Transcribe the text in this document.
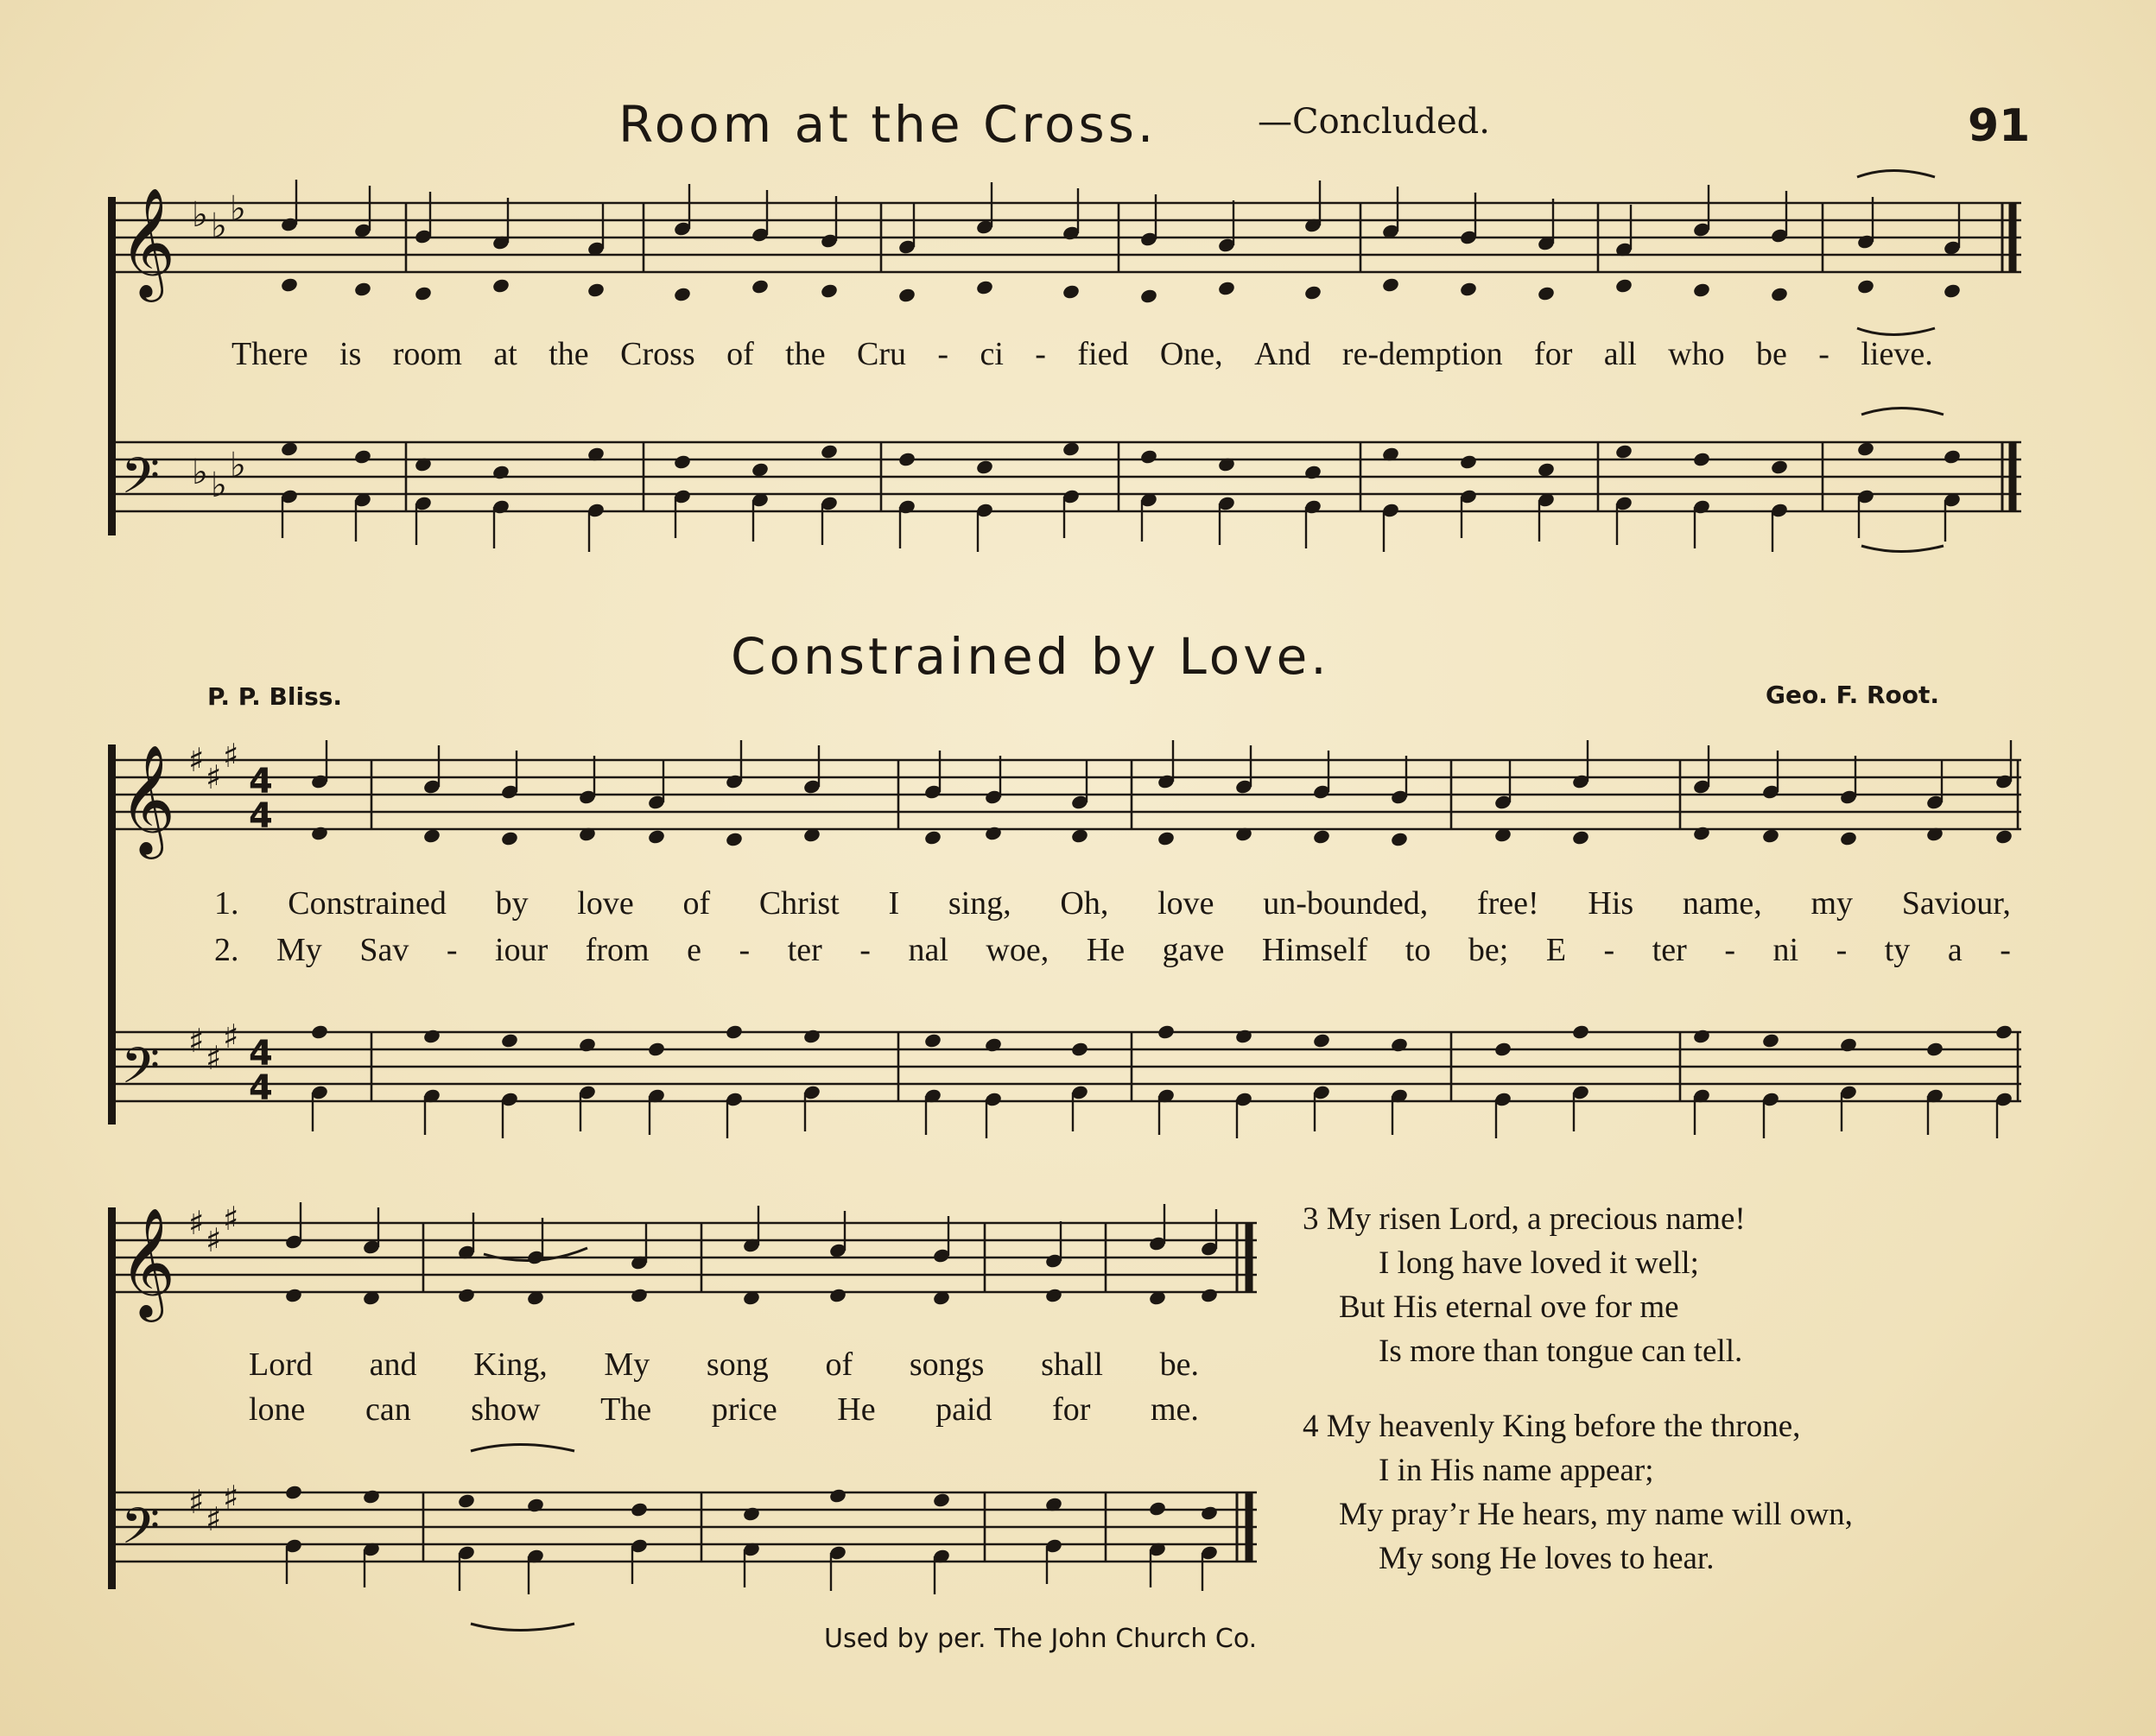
Room at the Cross.	—Concluded.	91
𝄞
𝄢
𝄞
𝄢
𝄞
𝄢
♭ ♭ ♭
♭ ♭ ♭
♯ ♯
♯
♯ ♯
♯
♯ ♯
♯
♯ ♯
♯
4
4
4
4
There is room at the Cross of the Cru - ci - fied One, And re-demption for all who be - lieve.
Constrained by Love.
P. P. Bliss.	Geo. F. Root.
1. Constrained by love of Christ I sing, Oh, love un-bounded, free! His name, my Saviour,
2. My Sav - iour from e - ter - nal woe, He gave Himself to be; E - ter - ni - ty a -
Lord and King, My song of songs shall be.
lone can show The price He paid for me.
3 My risen Lord, a precious name!
I long have loved it well;
But His eternal ove for me
Is more than tongue can tell.
4 My heavenly King before the throne,
I in His name appear;
My pray’r He hears, my name will own,
My song He loves to hear.
Used by per. The John Church Co.
